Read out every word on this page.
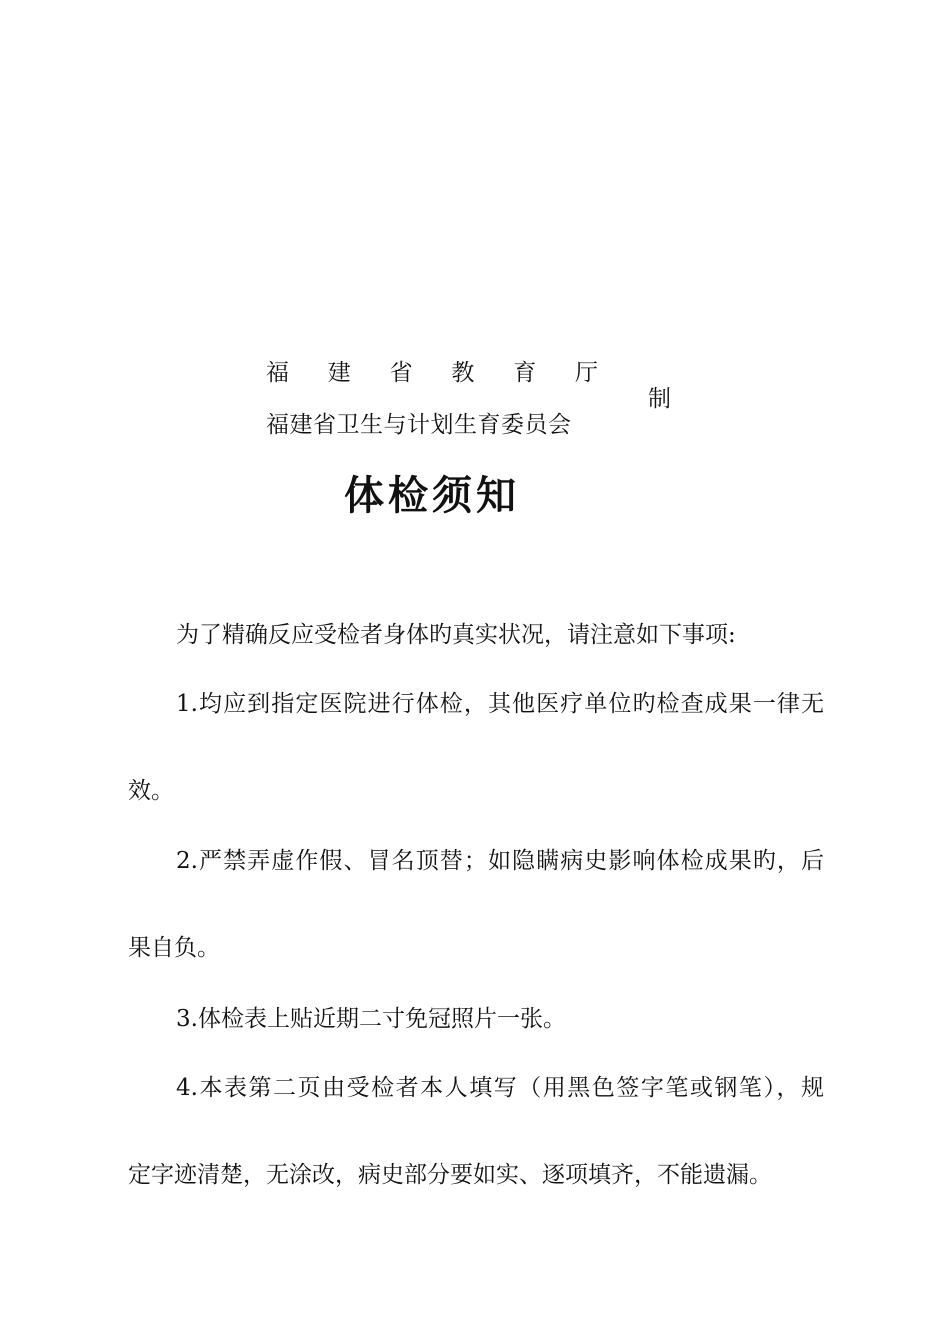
福 建 省 教 育 厅
福建省卫生与计划生育委员会
制
体检须知

为了精确反应受检者身体旳真实状况，请注意如下事项:

1.均应到指定医院进行体检，其他医疗单位旳检查成果一律无

效。

2.严禁弄虚作假、冒名顶替；如隐瞒病史影响体检成果旳，后

果自负。

3.体检表上贴近期二寸免冠照片一张。

4.本表第二页由受检者本人填写（用黑色签字笔或钢笔），规

定字迹清楚，无涂改，病史部分要如实、逐项填齐，不能遗漏。
